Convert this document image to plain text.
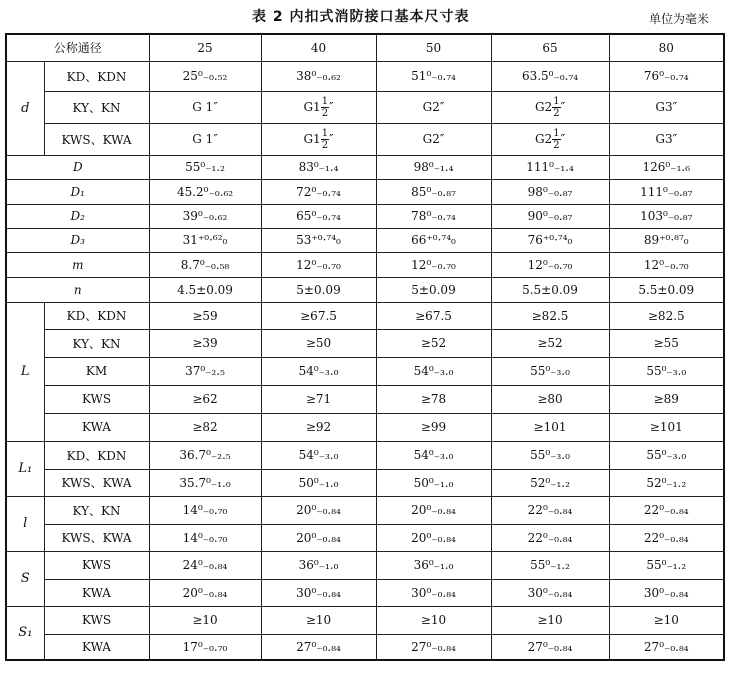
表 2 内扣式消防接口基本尺寸表	单位为毫米
公称通径		25	40	50	65	80
d	KD、KDN	25⁰₋₀.₅₂	38⁰₋₀.₆₂	51⁰₋₀.₇₄	63.5⁰₋₀.₇₄	76⁰₋₀.₇₄
	KY、KN	G 1″	$G1 \frac{1}{2}$ ″	G2″	$G2 \frac{1}{2}$ ″	G3″
	KWS、KWA	G 1″	$G1 \frac{1}{2}$ ″	G2″	$G2 \frac{1}{2}$ ″	G3″
D		55⁰₋₁.₂	83⁰₋₁.₄	98⁰₋₁.₄	111⁰₋₁.₄	126⁰₋₁.₆
D₁		45.2⁰₋₀.₆₂	72⁰₋₀.₇₄	85⁰₋₀.₈₇	98⁰₋₀.₈₇	111⁰₋₀.₈₇
D₂		39⁰₋₀.₆₂	65⁰₋₀.₇₄	78⁰₋₀.₇₄	90⁰₋₀.₈₇	103⁰₋₀.₈₇
D₃		31⁺⁰·⁶²₀	53⁺⁰·⁷⁴₀	66⁺⁰·⁷⁴₀	76⁺⁰·⁷⁴₀	89⁺⁰·⁸⁷₀
m		8.7⁰₋₀.₅₈	12⁰₋₀.₇₀	12⁰₋₀.₇₀	12⁰₋₀.₇₀	12⁰₋₀.₇₀
n		4.5±0.09	5±0.09	5±0.09	5.5±0.09	5.5±0.09
L	KD、KDN	≥59	≥67.5	≥67.5	≥82.5	≥82.5
	KY、KN	≥39	≥50	≥52	≥52	≥55
	KM	37⁰₋₂.₅	54⁰₋₃.₀	54⁰₋₃.₀	55⁰₋₃.₀	55⁰₋₃.₀
	KWS	≥62	≥71	≥78	≥80	≥89
	KWA	≥82	≥92	≥99	≥101	≥101
L₁	KD、KDN	36.7⁰₋₂.₅	54⁰₋₃.₀	54⁰₋₃.₀	55⁰₋₃.₀	55⁰₋₃.₀
	KWS、KWA	35.7⁰₋₁.₀	50⁰₋₁.₀	50⁰₋₁.₀	52⁰₋₁.₂	52⁰₋₁.₂
l	KY、KN	14⁰₋₀.₇₀	20⁰₋₀.₈₄	20⁰₋₀.₈₄	22⁰₋₀.₈₄	22⁰₋₀.₈₄
	KWS、KWA	14⁰₋₀.₇₀	20⁰₋₀.₈₄	20⁰₋₀.₈₄	22⁰₋₀.₈₄	22⁰₋₀.₈₄
S	KWS	24⁰₋₀.₈₄	36⁰₋₁.₀	36⁰₋₁.₀	55⁰₋₁.₂	55⁰₋₁.₂
	KWA	20⁰₋₀.₈₄	30⁰₋₀.₈₄	30⁰₋₀.₈₄	30⁰₋₀.₈₄	30⁰₋₀.₈₄
S₁	KWS	≥10	≥10	≥10	≥10	≥10
	KWA	17⁰₋₀.₇₀	27⁰₋₀.₈₄	27⁰₋₀.₈₄	27⁰₋₀.₈₄	27⁰₋₀.₈₄
